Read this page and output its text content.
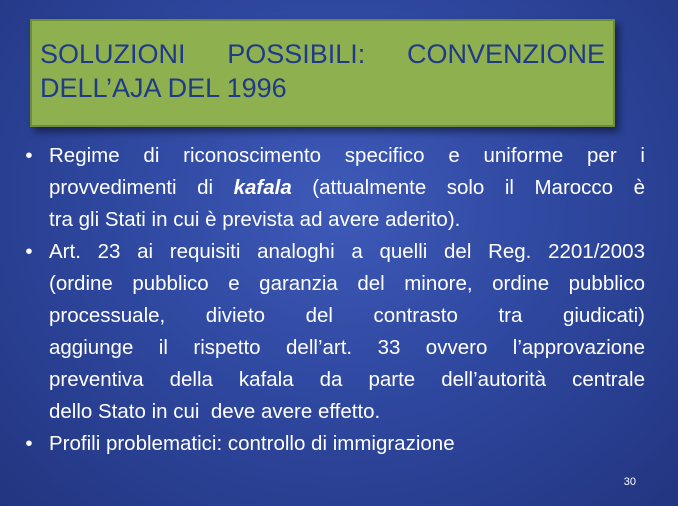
SOLUZIONI POSSIBILI: CONVENZIONE
DELL’AJA DEL 1996
• Regime di riconoscimento specifico e uniforme per i
provvedimenti di kafala (attualmente solo il Marocco è
tra gli Stati in cui è prevista ad avere aderito).
• Art. 23 ai requisiti analoghi a quelli del Reg. 2201/2003
(ordine pubblico e garanzia del minore, ordine pubblico
processuale, divieto del contrasto tra giudicati)
aggiunge il rispetto dell’art. 33 ovvero l’approvazione
preventiva della kafala da parte dell’autorità centrale
dello Stato in cui  deve avere effetto.
• Profili problematici: controllo di immigrazione
30
